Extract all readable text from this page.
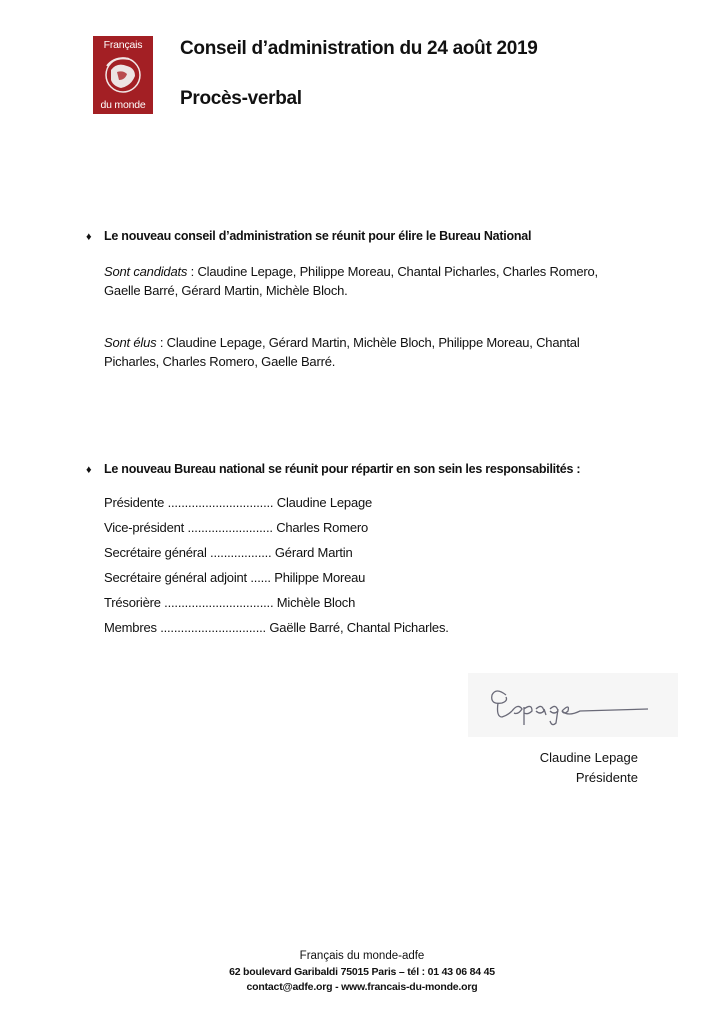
Français
du monde
Conseil d’administration du 24 août 2019
Procès-verbal
♦ Le nouveau conseil d’administration se réunit pour élire le Bureau National
Sont candidats : Claudine Lepage, Philippe Moreau, Chantal Picharles, Charles Romero, Gaelle Barré, Gérard Martin, Michèle Bloch.
Sont élus : Claudine Lepage, Gérard Martin, Michèle Bloch, Philippe Moreau, Chantal Picharles, Charles Romero, Gaelle Barré.
♦ Le nouveau Bureau national se réunit pour répartir en son sein les responsabilités :
Présidente ............................... Claudine Lepage
Vice-président ......................... Charles Romero
Secrétaire général .................. Gérard Martin
Secrétaire général adjoint ...... Philippe Moreau
Trésorière ................................ Michèle Bloch
Membres ............................... Gaëlle Barré, Chantal Picharles.
Claudine Lepage
Présidente
Français du monde-adfe
62 boulevard Garibaldi 75015 Paris – tél : 01 43 06 84 45
contact@adfe.org - www.francais-du-monde.org
